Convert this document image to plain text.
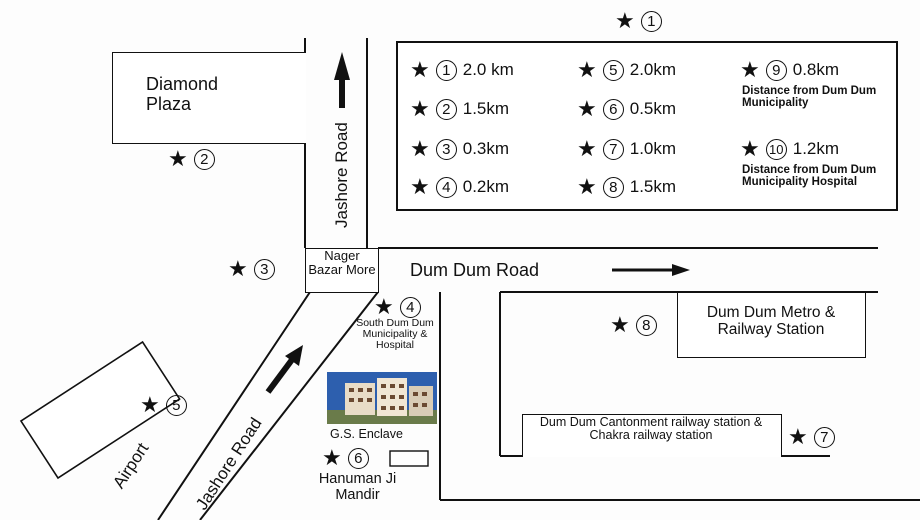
Diamond Plaza
Nager Bazar More
Jashore Road
Dum Dum Road
Jashore Road
Airport
South Dum Dum Municipality & Hospital
G.S. Enclave
Hanuman Ji Mandir
Dum Dum Metro & Railway Station
Dum Dum Cantonment railway station & Chakra railway station
★ 1
★ 2
★ 3
★ 4
★ 5
★ 6
★ 7
★ 8
★ 1 2.0 km
★ 2 1.5km
★ 3 0.3km
★ 4 0.2km
★ 5 2.0km
★ 6 0.5km
★ 7 1.0km
★ 8 1.5km
★ 9 0.8km
Distance from Dum Dum Municipality
★ 10 1.2km
Distance from Dum Dum Municipality Hospital
